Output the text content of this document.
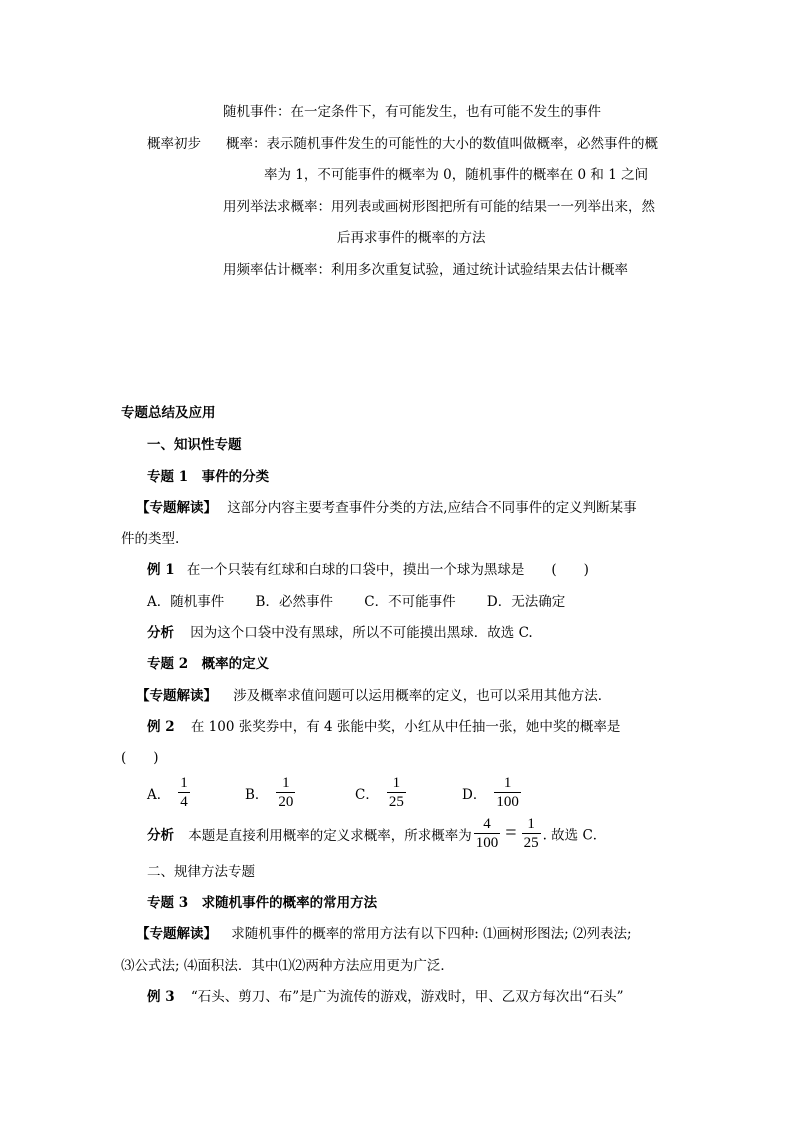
随机事件：在一定条件下，有可能发生，也有可能不发生的事件
概率初步 概率：表示随机事件发生的可能性的大小的数值叫做概率，必然事件的概
率为 1，不可能事件的概率为 0，随机事件的概率在 0 和 1 之间
用列举法求概率：用列表或画树形图把所有可能的结果一一列举出来，然
后再求事件的概率的方法
用频率估计概率：利用多次重复试验，通过统计试验结果去估计概率
专题总结及应用
一、知识性专题
专题 1　事件的分类
【专题解读】 这部分内容主要考查事件分类的方法,应结合不同事件的定义判断某事
件的类型.
例 1 在一个只装有红球和白球的口袋中，摸出一个球为黑球是　　(　　)
A．随机事件　　 B．必然事件　　 C．不可能事件　　 D．无法确定
分析 因为这个口袋中没有黑球，所以不可能摸出黑球．故选 C.
专题 2　概率的定义
【专题解读】 涉及概率求值问题可以运用概率的定义，也可以采用其他方法．
例 2 在 100 张奖券中，有 4 张能中奖，小红从中任抽一张，她中奖的概率是
(　　)
A． $\frac{1}{4}$	B． $\frac{1}{20}$	C． $\frac{1}{25}$	D． $\frac{1}{100}$
分析 本题是直接利用概率的定义求概率，所求概率为 $\frac{4}{100} = \frac{1}{25}$ . 故选 C．
二、规律方法专题
专题 3　求随机事件的概率的常用方法
【专题解读】 求随机事件的概率的常用方法有以下四种: ⑴画树形图法; ⑵列表法;
⑶公式法; ⑷面积法．其中⑴⑵两种方法应用更为广泛．
例 3 “石头、剪刀、布”是广为流传的游戏，游戏时，甲、乙双方每次出“石头”
